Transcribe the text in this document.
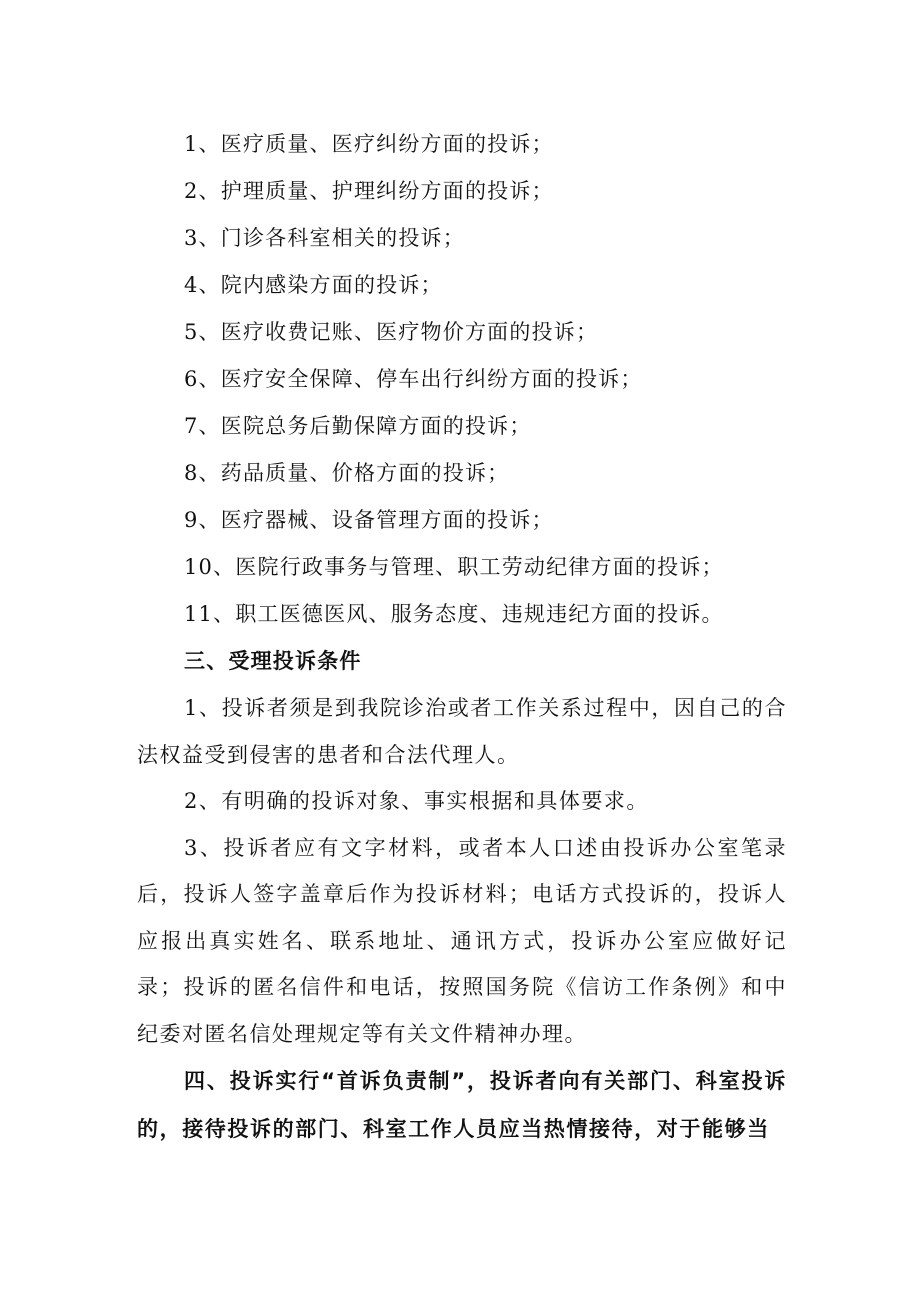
1、医疗质量、医疗纠纷方面的投诉；

2、护理质量、护理纠纷方面的投诉；

3、门诊各科室相关的投诉；

4、院内感染方面的投诉；

5、医疗收费记账、医疗物价方面的投诉；

6、医疗安全保障、停车出行纠纷方面的投诉；

7、医院总务后勤保障方面的投诉；

8、药品质量、价格方面的投诉；

9、医疗器械、设备管理方面的投诉；

10、医院行政事务与管理、职工劳动纪律方面的投诉；

11、职工医德医风、服务态度、违规违纪方面的投诉。

三、受理投诉条件

1、投诉者须是到我院诊治或者工作关系过程中，因自己的合法权益受到侵害的患者和合法代理人。

2、有明确的投诉对象、事实根据和具体要求。

3、投诉者应有文字材料，或者本人口述由投诉办公室笔录后，投诉人签字盖章后作为投诉材料；电话方式投诉的，投诉人应报出真实姓名、联系地址、通讯方式，投诉办公室应做好记录；投诉的匿名信件和电话，按照国务院《信访工作条例》和中纪委对匿名信处理规定等有关文件精神办理。

四、投诉实行“首诉负责制”，投诉者向有关部门、科室投诉的，接待投诉的部门、科室工作人员应当热情接待，对于能够当
